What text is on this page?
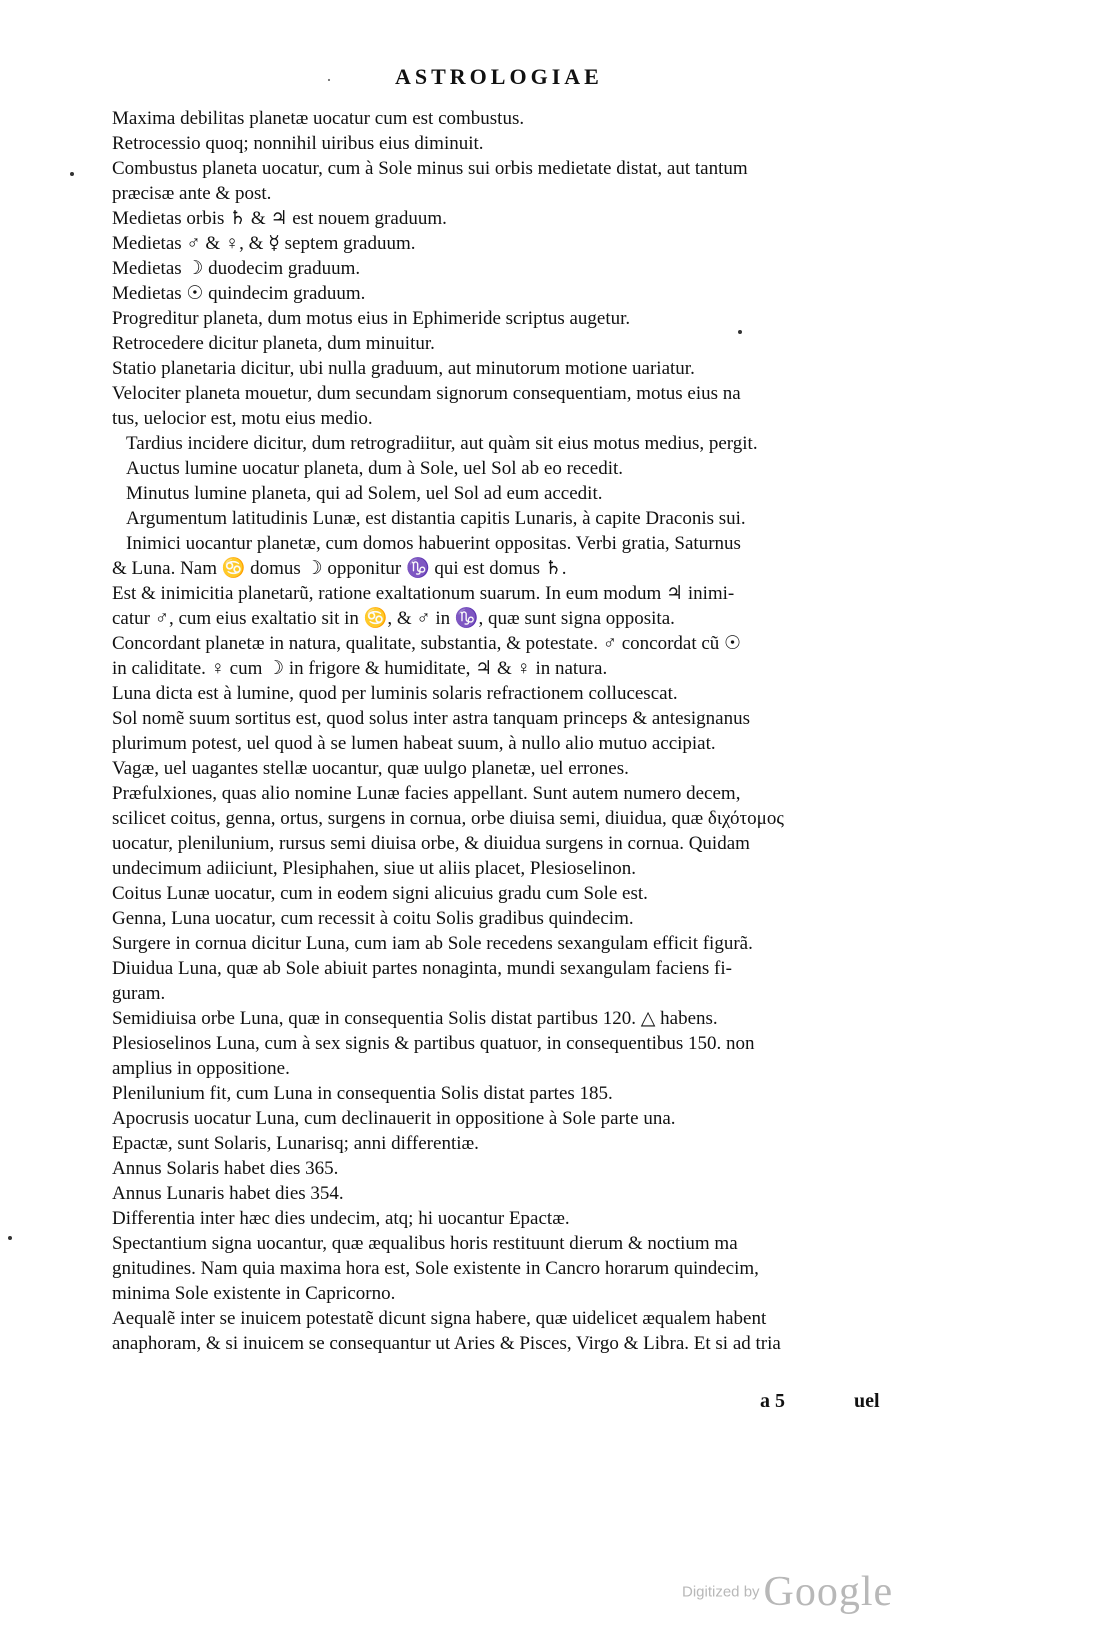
·	ASTROLOGIAE
Maxima debilitas planetæ uocatur cum est combustus.
Retrocessio quoq; nonnihil uiribus eius diminuit.
Combustus planeta uocatur, cum à Sole minus sui orbis medietate distat, aut tantum
præcisæ ante & post.
Medietas orbis ♄ & ♃ est nouem graduum.
Medietas ♂ & ♀, & ☿ septem graduum.
Medietas ☽ duodecim graduum.
Medietas ☉ quindecim graduum.
Progreditur planeta, dum motus eius in Ephimeride scriptus augetur.
Retrocedere dicitur planeta, dum minuitur.
Statio planetaria dicitur, ubi nulla graduum, aut minutorum motione uariatur.
Velociter planeta mouetur, dum secundam signorum consequentiam, motus eius na
tus, uelocior est, motu eius medio.
Tardius incidere dicitur, dum retrogradiitur, aut quàm sit eius motus medius, pergit.
Auctus lumine uocatur planeta, dum à Sole, uel Sol ab eo recedit.
Minutus lumine planeta, qui ad Solem, uel Sol ad eum accedit.
Argumentum latitudinis Lunæ, est distantia capitis Lunaris, à capite Draconis sui.
Inimici uocantur planetæ, cum domos habuerint oppositas. Verbi gratia, Saturnus
& Luna. Nam ♋ domus ☽ opponitur ♑ qui est domus ♄.
Est & inimicitia planetarũ, ratione exaltationum suarum. In eum modum ♃ inimi-
catur ♂, cum eius exaltatio sit in ♋, & ♂ in ♑, quæ sunt signa opposita.
Concordant planetæ in natura, qualitate, substantia, & potestate. ♂ concordat cũ ☉
in caliditate. ♀ cum ☽ in frigore & humiditate, ♃ & ♀ in natura.
Luna dicta est à lumine, quod per luminis solaris refractionem collucescat.
Sol nomẽ suum sortitus est, quod solus inter astra tanquam princeps & antesignanus
plurimum potest, uel quod à se lumen habeat suum, à nullo alio mutuo accipiat.
Vagæ, uel uagantes stellæ uocantur, quæ uulgo planetæ, uel errones.
Præfulxiones, quas alio nomine Lunæ facies appellant. Sunt autem numero decem,
scilicet coitus, genna, ortus, surgens in cornua, orbe diuisa semi, diuidua, quæ διχότομος
uocatur, plenilunium, rursus semi diuisa orbe, & diuidua surgens in cornua. Quidam
undecimum adiiciunt, Plesiphahen, siue ut aliis placet, Plesioselinon.
Coitus Lunæ uocatur, cum in eodem signi alicuius gradu cum Sole est.
Genna, Luna uocatur, cum recessit à coitu Solis gradibus quindecim.
Surgere in cornua dicitur Luna, cum iam ab Sole recedens sexangulam efficit figurã.
Diuidua Luna, quæ ab Sole abiuit partes nonaginta, mundi sexangulam faciens fi-
guram.
Semidiuisa orbe Luna, quæ in consequentia Solis distat partibus 120. △ habens.
Plesioselinos Luna, cum à sex signis & partibus quatuor, in consequentibus 150. non
amplius in oppositione.
Plenilunium fit, cum Luna in consequentia Solis distat partes 185.
Apocrusis uocatur Luna, cum declinauerit in oppositione à Sole parte una.
Epactæ, sunt Solaris, Lunarisq; anni differentiæ.
Annus Solaris habet dies 365.
Annus Lunaris habet dies 354.
Differentia inter hæc dies undecim, atq; hi uocantur Epactæ.
Spectantium signa uocantur, quæ æqualibus horis restituunt dierum & noctium ma
gnitudines. Nam quia maxima hora est, Sole existente in Cancro horarum quindecim,
minima Sole existente in Capricorno.
Aequalẽ inter se inuicem potestatẽ dicunt signa habere, quæ uidelicet æqualem habent
anaphoram, & si inuicem se consequantur ut Aries & Pisces, Virgo & Libra. Et si ad tria
a 5	uel
Digitized by Google
